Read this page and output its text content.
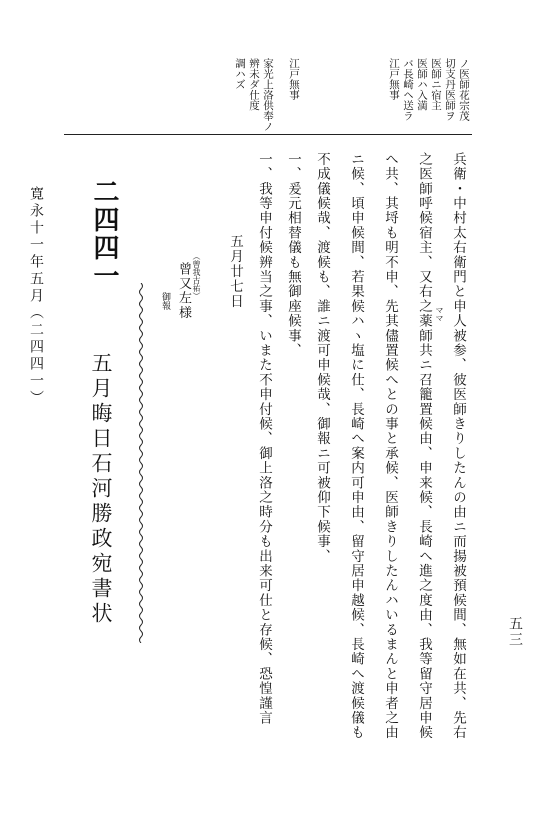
寛永十一年五月（二四四一）
五三
ノ医師花宗茂
切支丹医師ヲ
医師ニ宿主
医師ハ入満
バ長崎ヘ送ラ
江戸無事
江戸無事
家光上洛供奉ノ
辨未ダ仕度
調ハズ
兵衛・中村太右衛門と申人被参、彼医師きりしたんの由ニ而揚被預候間、無如在共、先右
之医師呼候宿主、又右之薬師共ニ召籠置候由、申来候、長崎へ進之度由、我等留守居申候 ママ
へ共、其埒も明不申、先其儘置候へとの事と承候、医師きりしたんハいるまんと申者之由
ニ候、頃申候間、若果候ハヽ塩に仕、長崎へ案内可申由、留守居申越候、長崎へ渡候儀も
不成儀候哉、渡候も、誰ニ渡可申候哉、御報ニ可被仰下候事、
一、爰元相替儀も無御座候事、
一、我等申付候辨当之事、いまた不申付候、御上洛之時分も出来可仕と存候、恐惶謹言
五月廿七日
（曾我古祐）
曾又左様
御報
二四四一
五月晦日石河勝政宛書状
